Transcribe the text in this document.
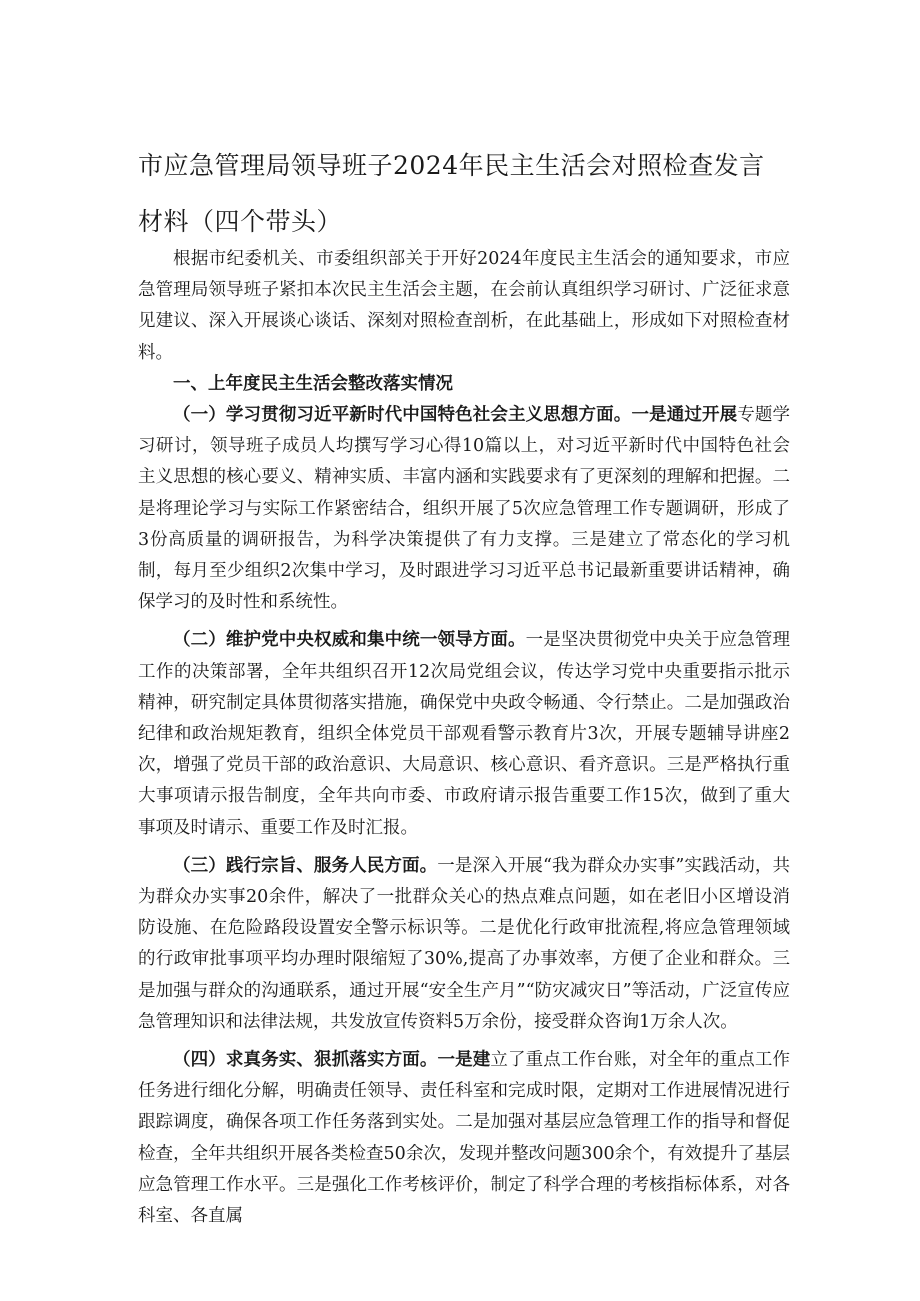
市应急管理局领导班子2024年民主生活会对照检查发言材料（四个带头）

根据市纪委机关、市委组织部关于开好2024年度民主生活会的通知要求，市应急管理局领导班子紧扣本次民主生活会主题，在会前认真组织学习研讨、广泛征求意见建议、深入开展谈心谈话、深刻对照检查剖析，在此基础上，形成如下对照检查材料。

一、上年度民主生活会整改落实情况

（一）学习贯彻习近平新时代中国特色社会主义思想方面。一是通过开展专题学习研讨，领导班子成员人均撰写学习心得10篇以上，对习近平新时代中国特色社会主义思想的核心要义、精神实质、丰富内涵和实践要求有了更深刻的理解和把握。二是将理论学习与实际工作紧密结合，组织开展了5次应急管理工作专题调研，形成了3份高质量的调研报告，为科学决策提供了有力支撑。三是建立了常态化的学习机制，每月至少组织2次集中学习，及时跟进学习习近平总书记最新重要讲话精神，确保学习的及时性和系统性。

（二）维护党中央权威和集中统一领导方面。一是坚决贯彻党中央关于应急管理工作的决策部署，全年共组织召开12次局党组会议，传达学习党中央重要指示批示精神，研究制定具体贯彻落实措施，确保党中央政令畅通、令行禁止。二是加强政治纪律和政治规矩教育，组织全体党员干部观看警示教育片3次，开展专题辅导讲座2次，增强了党员干部的政治意识、大局意识、核心意识、看齐意识。三是严格执行重大事项请示报告制度，全年共向市委、市政府请示报告重要工作15次，做到了重大事项及时请示、重要工作及时汇报。

（三）践行宗旨、服务人民方面。一是深入开展“我为群众办实事”实践活动，共为群众办实事20余件，解决了一批群众关心的热点难点问题，如在老旧小区增设消防设施、在危险路段设置安全警示标识等。二是优化行政审批流程,将应急管理领域的行政审批事项平均办理时限缩短了30%,提高了办事效率，方便了企业和群众。三是加强与群众的沟通联系，通过开展“安全生产月”“防灾减灾日”等活动，广泛宣传应急管理知识和法律法规，共发放宣传资料5万余份，接受群众咨询1万余人次。

（四）求真务实、狠抓落实方面。一是建立了重点工作台账，对全年的重点工作任务进行细化分解，明确责任领导、责任科室和完成时限，定期对工作进展情况进行跟踪调度，确保各项工作任务落到实处。二是加强对基层应急管理工作的指导和督促检查，全年共组织开展各类检查50余次，发现并整改问题300余个，有效提升了基层应急管理工作水平。三是强化工作考核评价，制定了科学合理的考核指标体系，对各科室、各直属
